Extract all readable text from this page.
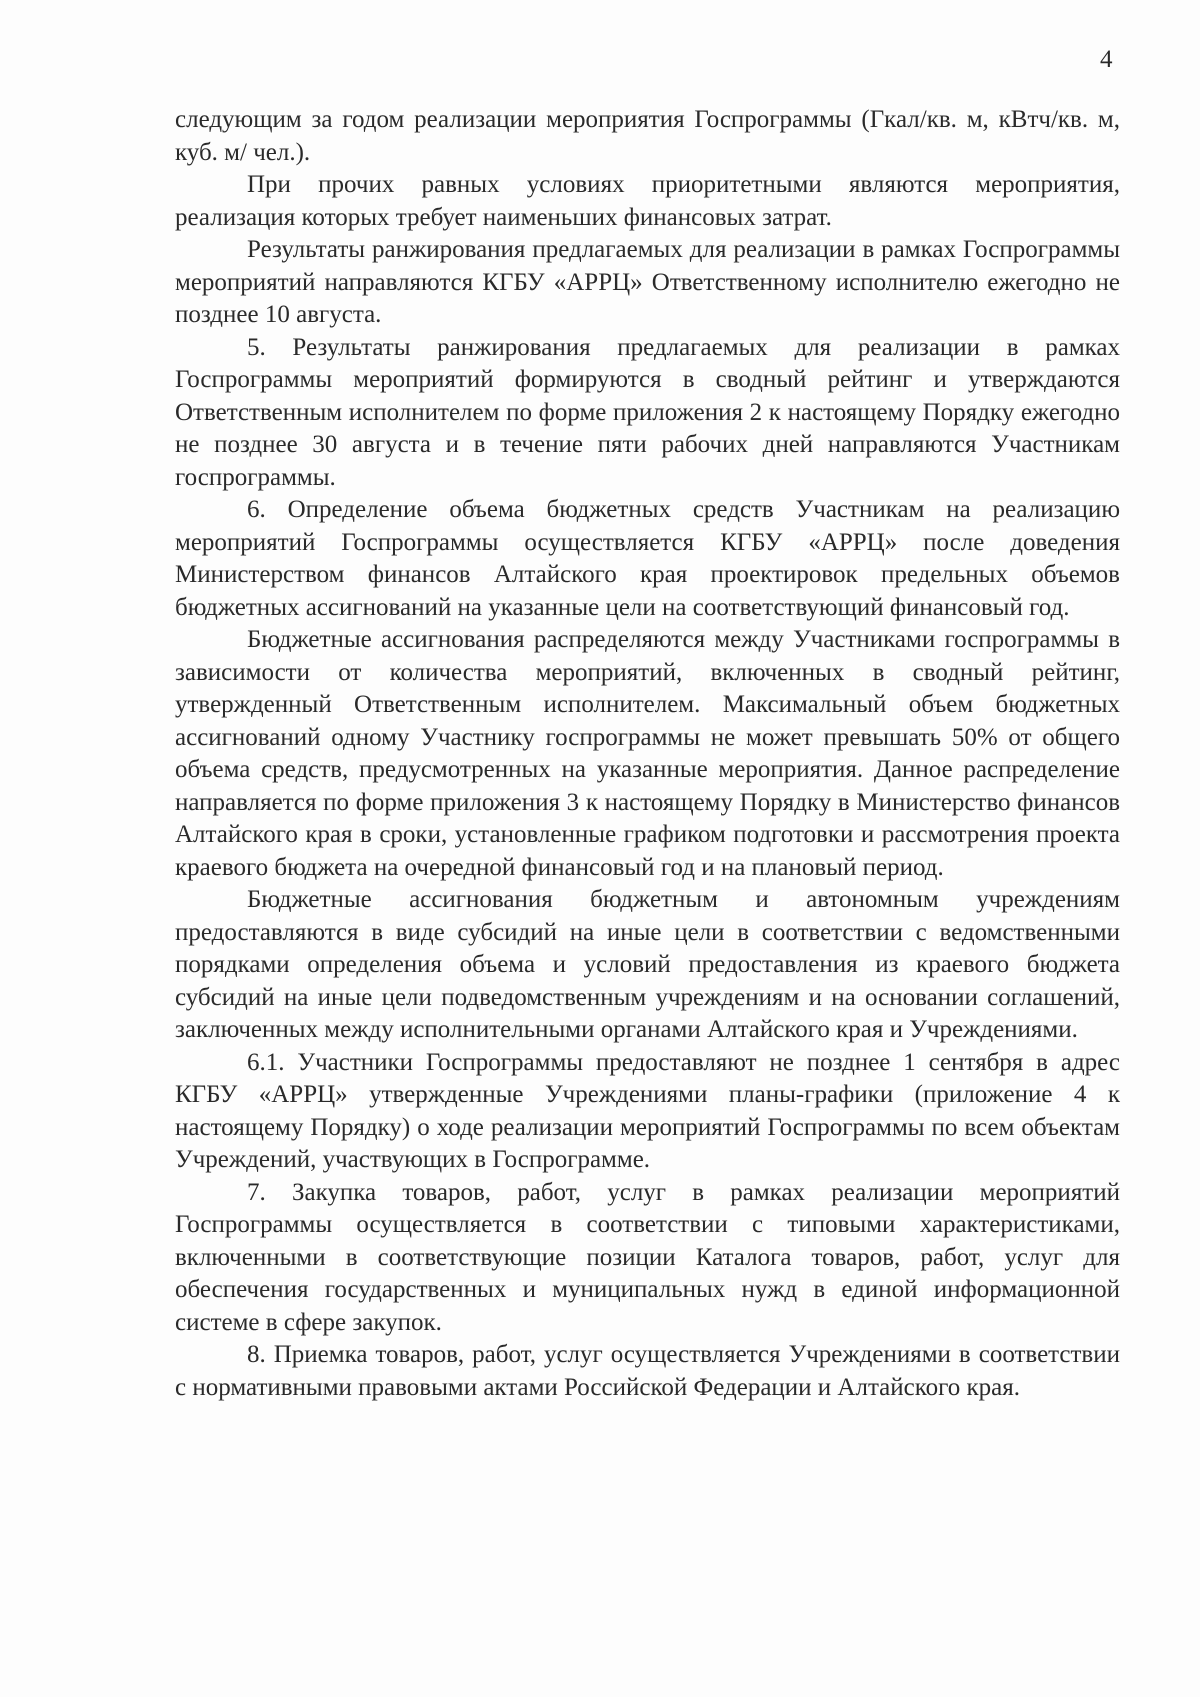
4

следующим за годом реализации мероприятия Госпрограммы (Гкал/кв. м, кВтч/кв. м, куб. м/ чел.).

При прочих равных условиях приоритетными являются мероприятия, реализация которых требует наименьших финансовых затрат.

Результаты ранжирования предлагаемых для реализации в рамках Госпрограммы мероприятий направляются КГБУ «АРРЦ» Ответственному исполнителю ежегодно не позднее 10 августа.

5. Результаты ранжирования предлагаемых для реализации в рамках Госпрограммы мероприятий формируются в сводный рейтинг и утверждаются Ответственным исполнителем по форме приложения 2 к настоящему Порядку ежегодно не позднее 30 августа и в течение пяти рабочих дней направляются Участникам госпрограммы.

6. Определение объема бюджетных средств Участникам на реализацию мероприятий Госпрограммы осуществляется КГБУ «АРРЦ» после доведения Министерством финансов Алтайского края проектировок предельных объемов бюджетных ассигнований на указанные цели на соответствующий финансовый год.

Бюджетные ассигнования распределяются между Участниками госпрограммы в зависимости от количества мероприятий, включенных в сводный рейтинг, утвержденный Ответственным исполнителем. Максимальный объем бюджетных ассигнований одному Участнику госпрограммы не может превышать 50% от общего объема средств, предусмотренных на указанные мероприятия. Данное распределение направляется по форме приложения 3 к настоящему Порядку в Министерство финансов Алтайского края в сроки, установленные графиком подготовки и рассмотрения проекта краевого бюджета на очередной финансовый год и на плановый период.

Бюджетные ассигнования бюджетным и автономным учреждениям предоставляются в виде субсидий на иные цели в соответствии с ведомственными порядками определения объема и условий предоставления из краевого бюджета субсидий на иные цели подведомственным учреждениям и на основании соглашений, заключенных между исполнительными органами Алтайского края и Учреждениями.

6.1. Участники Госпрограммы предоставляют не позднее 1 сентября в адрес КГБУ «АРРЦ» утвержденные Учреждениями планы-графики (приложение 4 к настоящему Порядку) о ходе реализации мероприятий Госпрограммы по всем объектам Учреждений, участвующих в Госпрограмме.

7. Закупка товаров, работ, услуг в рамках реализации мероприятий Госпрограммы осуществляется в соответствии с типовыми характеристиками, включенными в соответствующие позиции Каталога товаров, работ, услуг для обеспечения государственных и муниципальных нужд в единой информационной системе в сфере закупок.

8. Приемка товаров, работ, услуг осуществляется Учреждениями в соответствии с нормативными правовыми актами Российской Федерации и Алтайского края.
